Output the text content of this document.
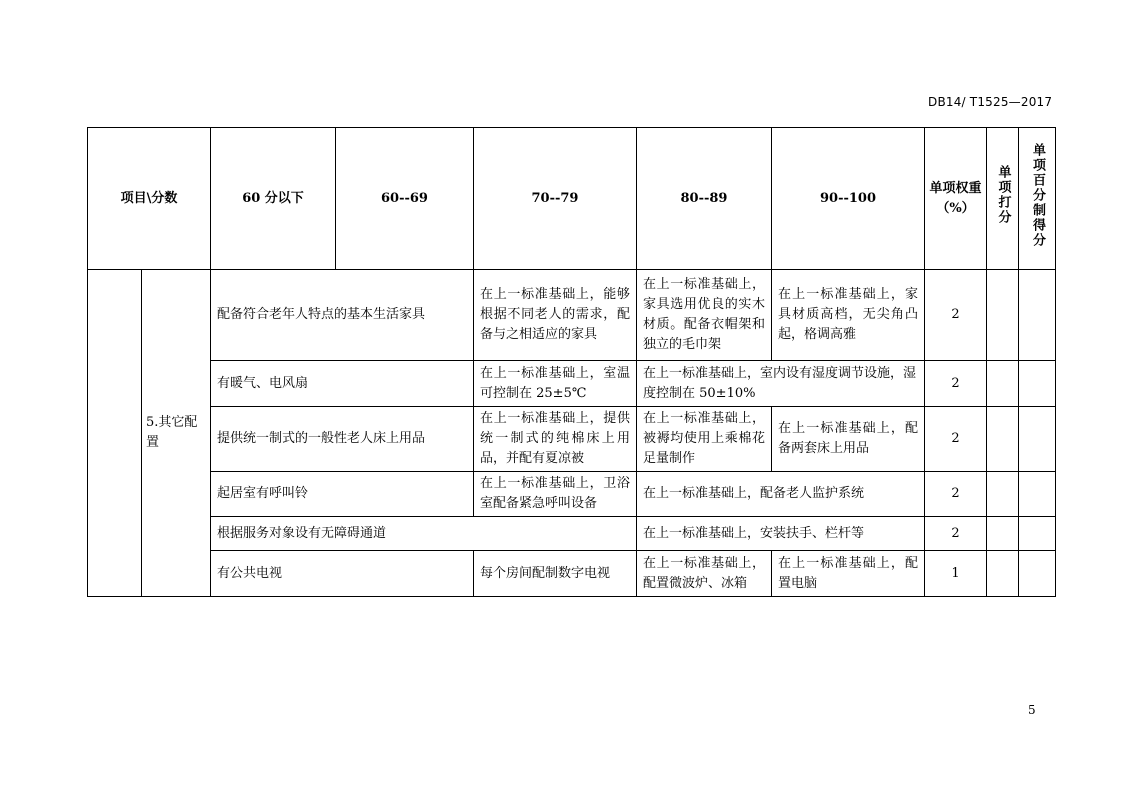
DB14/ T1525—2017
项目\分数		60 分以下	60--69	70--79	80--89	90--100	单项权重（%）	单项打分	单项百分制得分
	5.其它配置	配备符合老年人特点的基本生活家具		在上一标准基础上，能够根据不同老人的需求，配备与之相适应的家具	在上一标准基础上，家具选用优良的实木材质。配备衣帽架和独立的毛巾架	在上一标准基础上，家具材质高档，无尖角凸起，格调高雅	2		
		有暖气、电风扇		在上一标准基础上，室温可控制在 25±5℃	在上一标准基础上，室内设有湿度调节设施，湿度控制在 50±10%		2		
		提供统一制式的一般性老人床上用品		在上一标准基础上，提供统一制式的纯棉床上用品，并配有夏凉被	在上一标准基础上，被褥均使用上乘棉花足量制作	在上一标准基础上，配备两套床上用品	2		
		起居室有呼叫铃		在上一标准基础上，卫浴室配备紧急呼叫设备	在上一标准基础上，配备老人监护系统		2		
		根据服务对象设有无障碍通道			在上一标准基础上，安装扶手、栏杆等		2		
		有公共电视		每个房间配制数字电视	在上一标准基础上，配置微波炉、冰箱	在上一标准基础上，配置电脑	1		
5
